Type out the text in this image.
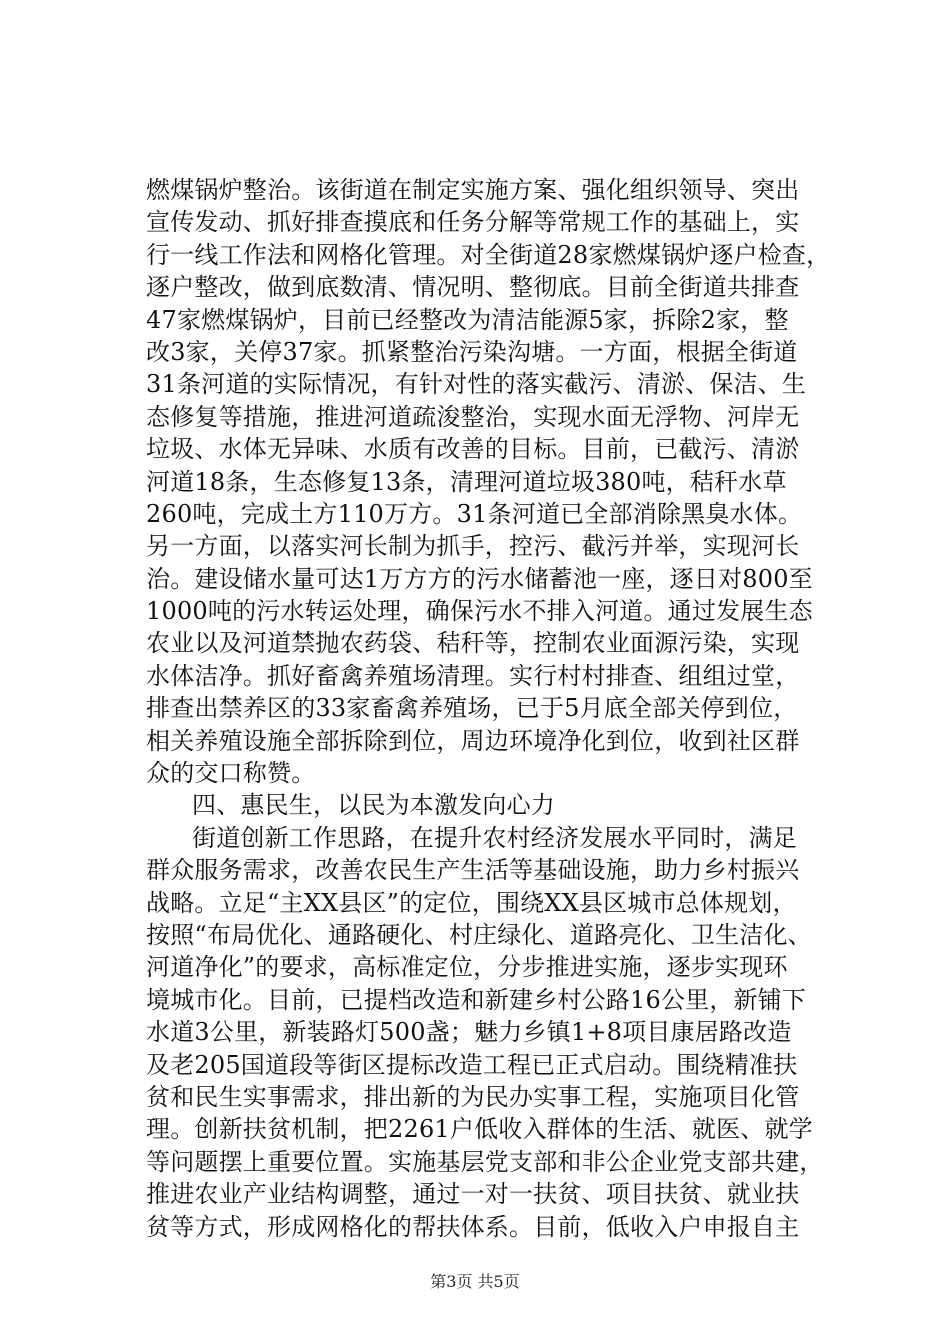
燃煤锅炉整治。该街道在制定实施方案、强化组织领导、突出
宣传发动、抓好排查摸底和任务分解等常规工作的基础上，实
行一线工作法和网格化管理。对全街道28家燃煤锅炉逐户检查，
逐户整改，做到底数清、情况明、整彻底。目前全街道共排查
47家燃煤锅炉，目前已经整改为清洁能源5家，拆除2家，整
改3家，关停37家。抓紧整治污染沟塘。一方面，根据全街道
31条河道的实际情况，有针对性的落实截污、清淤、保洁、生
态修复等措施，推进河道疏浚整治，实现水面无浮物、河岸无
垃圾、水体无异味、水质有改善的目标。目前，已截污、清淤
河道18条，生态修复13条，清理河道垃圾380吨，秸秆水草
260吨，完成土方110万方。31条河道已全部消除黑臭水体。
另一方面，以落实河长制为抓手，控污、截污并举，实现河长
治。建设储水量可达1万方方的污水储蓄池一座，逐日对800至
1000吨的污水转运处理，确保污水不排入河道。通过发展生态
农业以及河道禁抛农药袋、秸秆等，控制农业面源污染，实现
水体洁净。抓好畜禽养殖场清理。实行村村排查、组组过堂，
排查出禁养区的33家畜禽养殖场，已于5月底全部关停到位，
相关养殖设施全部拆除到位，周边环境净化到位，收到社区群
众的交口称赞。
四、惠民生，以民为本激发向心力
街道创新工作思路，在提升农村经济发展水平同时，满足
群众服务需求，改善农民生产生活等基础设施，助力乡村振兴
战略。立足“主XX县区”的定位，围绕XX县区城市总体规划，
按照“布局优化、通路硬化、村庄绿化、道路亮化、卫生洁化、
河道净化”的要求，高标准定位，分步推进实施，逐步实现环
境城市化。目前，已提档改造和新建乡村公路16公里，新铺下
水道3公里，新装路灯500盏；魅力乡镇1+8项目康居路改造
及老205国道段等街区提标改造工程已正式启动。围绕精准扶
贫和民生实事需求，排出新的为民办实事工程，实施项目化管
理。创新扶贫机制，把2261户低收入群体的生活、就医、就学
等问题摆上重要位置。实施基层党支部和非公企业党支部共建，
推进农业产业结构调整，通过一对一扶贫、项目扶贫、就业扶
贫等方式，形成网格化的帮扶体系。目前，低收入户申报自主
第3页 共5页
